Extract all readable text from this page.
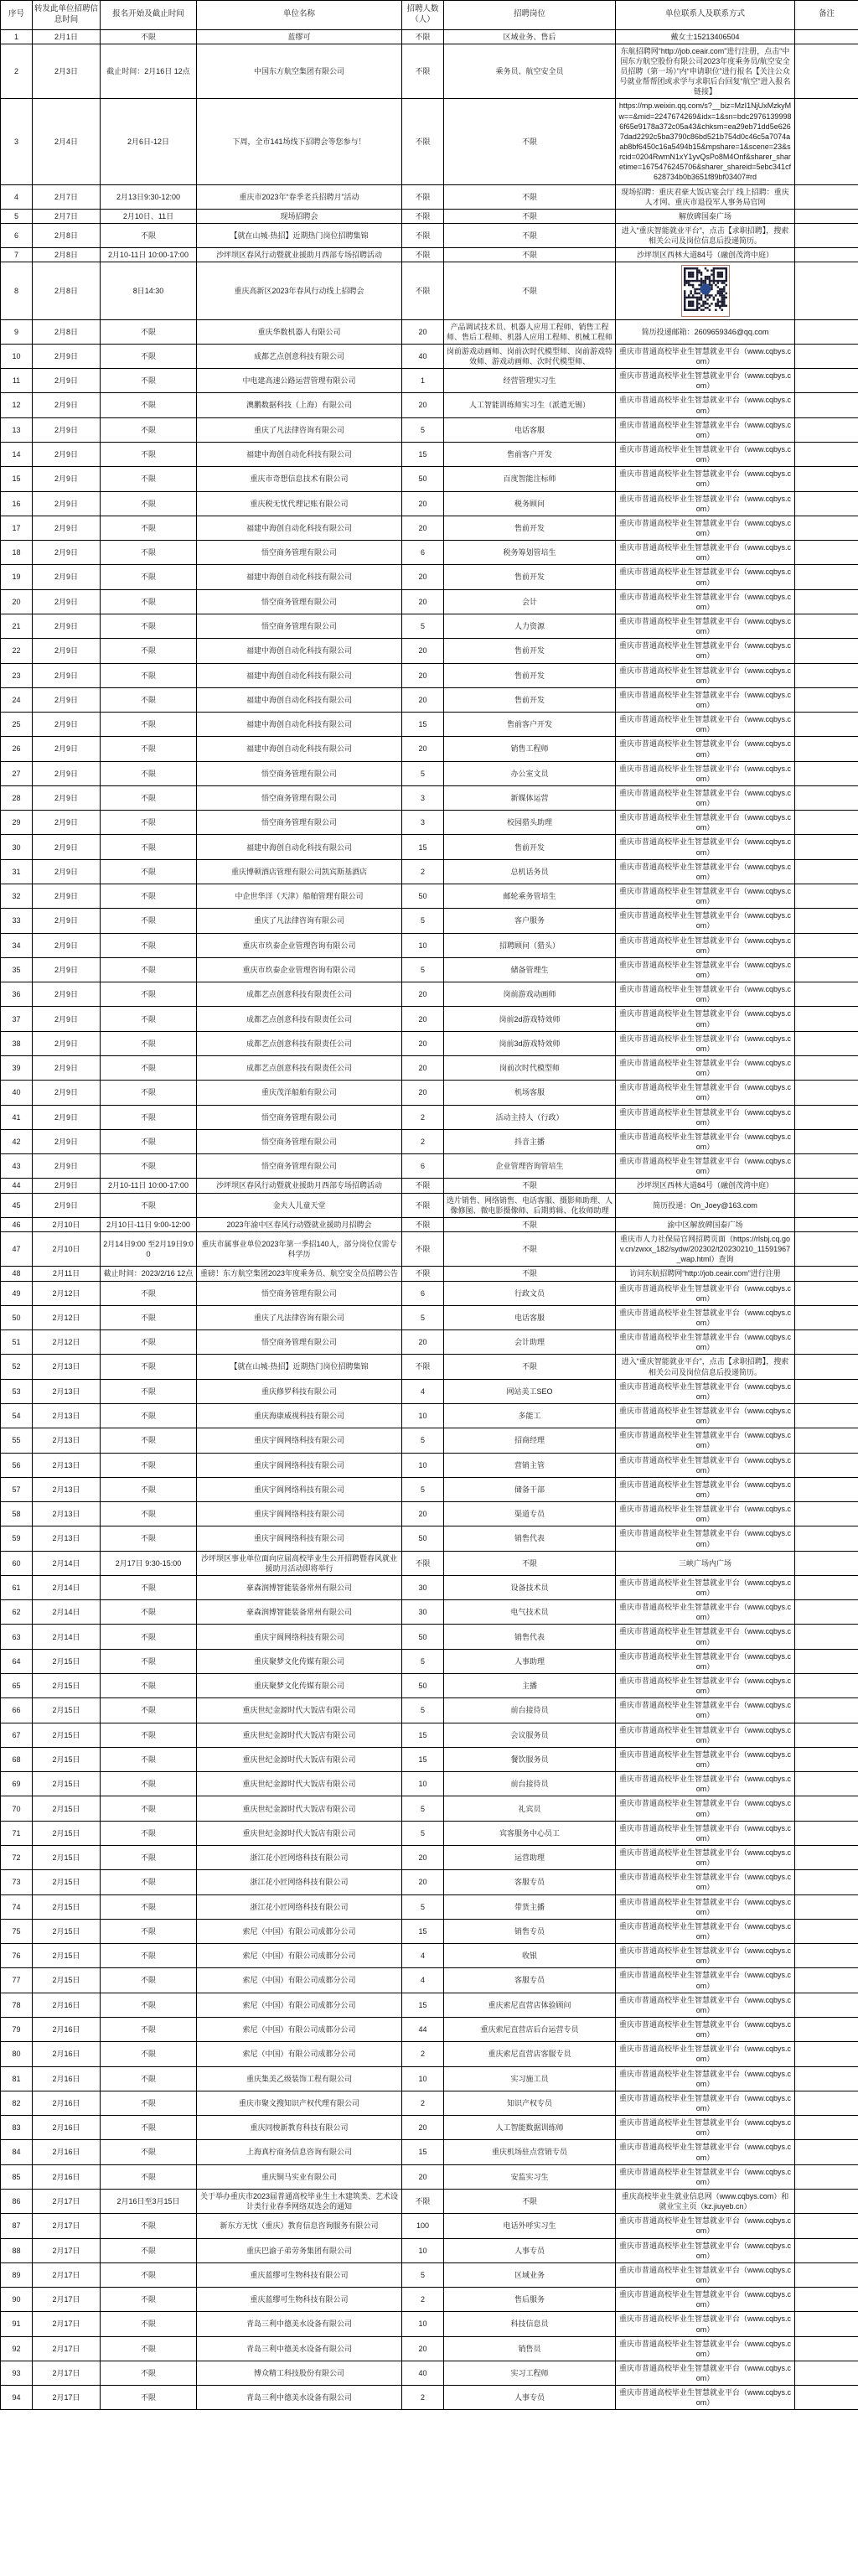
序号	转发此单位招聘信息时间	报名开始及截止时间	单位名称	招聘人数（人）	招聘岗位	单位联系人及联系方式	备注
1	2月1日	不限	蓝缪可	不限	区域业务、售后	戴女士15213406504	
2	2月3日	截止时间：2月16日 12点	中国东方航空集团有限公司	不限	乘务员、航空安全员	东航招聘网“http://job.ceair.com”进行注册，点击“中国东方航空股份有限公司2023年度乘务员/航空安全员招聘（第一场）”内“申请职位”进行报名【关注公众号就业帮帮团或求学与求职后台回复“航空”进入报名链接】	
3	2月4日	2月6日-12日	下周，全市141场线下招聘会等您参与！	不限	不限	https://mp.weixin.qq.com/s?__biz=MzI1NjUxMzkyMw==&mid=2247674269&idx=1&sn=bdc29761399986f65e9178a372c05a43&chksm=ea29eb71dd5e6267dad2292c5ba3790c86bd521b754d0c46c5a7074aab8bf6450c16a5494b15&mpshare=1&scene=23&srcid=0204RwmN1xY1yvQsPo8M4Onf&sharer_sharetime=1675476245706&sharer_shareid=5ebc341cf628734b0b3651f89bf03407#rd	
4	2月7日	2月13日9:30-12:00	重庆市2023年“春季老兵招聘月”活动	不限	不限	现场招聘：重庆君豪大饭店宴会厅 线上招聘：重庆人才网、重庆市退役军人事务局官网	
5	2月7日	2月10日、11日	现场招聘会	不限	不限	解放碑国泰广场	
6	2月8日	不限	【就在山城·热招】近期热门岗位招聘集锦	不限	不限	进入“重庆智能就业平台”，点击【求职招聘】，搜索相关公司及岗位信息后投递简历。	
7	2月8日	2月10-11日 10:00-17:00	沙坪坝区春风行动暨就业援助月西部专场招聘活动	不限	不限	沙坪坝区西林大道84号（融创茂湾中庭）	
8	2月8日	8日14:30	重庆高新区2023年春风行动线上招聘会	不限	不限		
9	2月8日	不限	重庆华数机器人有限公司	20	产品调试技术员、机器人应用工程师、销售工程师、售后工程师、机器人应用工程师、机械工程师	简历投递邮箱：2609659346@qq.com	
10	2月9日	不限	成都艺点创意科技有限公司	40	岗前游戏动画师、岗前次时代模型师、岗前游戏特效师、游戏动画师、次时代模型师、	重庆市普通高校毕业生智慧就业平台（www.cqbys.com）	
11	2月9日	不限	中电建高速公路运营管理有限公司	1	经营管理实习生	重庆市普通高校毕业生智慧就业平台（www.cqbys.com）	
12	2月9日	不限	澳鹏数据科技（上海）有限公司	20	人工智能训练师实习生（派遣无锡）	重庆市普通高校毕业生智慧就业平台（www.cqbys.com）	
13	2月9日	不限	重庆了凡法律咨询有限公司	5	电话客服	重庆市普通高校毕业生智慧就业平台（www.cqbys.com）	
14	2月9日	不限	福建中海创自动化科技有限公司	15	售前客户开发	重庆市普通高校毕业生智慧就业平台（www.cqbys.com）	
15	2月9日	不限	重庆市奇想信息技术有限公司	50	百度智能注标师	重庆市普通高校毕业生智慧就业平台（www.cqbys.com）	
16	2月9日	不限	重庆税无忧代理记账有限公司	20	税务顾问	重庆市普通高校毕业生智慧就业平台（www.cqbys.com）	
17	2月9日	不限	福建中海创自动化科技有限公司	20	售前开发	重庆市普通高校毕业生智慧就业平台（www.cqbys.com）	
18	2月9日	不限	悟空商务管理有限公司	6	税务筹划管培生	重庆市普通高校毕业生智慧就业平台（www.cqbys.com）	
19	2月9日	不限	福建中海创自动化科技有限公司	20	售前开发	重庆市普通高校毕业生智慧就业平台（www.cqbys.com）	
20	2月9日	不限	悟空商务管理有限公司	20	会计	重庆市普通高校毕业生智慧就业平台（www.cqbys.com）	
21	2月9日	不限	悟空商务管理有限公司	5	人力资源	重庆市普通高校毕业生智慧就业平台（www.cqbys.com）	
22	2月9日	不限	福建中海创自动化科技有限公司	20	售前开发	重庆市普通高校毕业生智慧就业平台（www.cqbys.com）	
23	2月9日	不限	福建中海创自动化科技有限公司	20	售前开发	重庆市普通高校毕业生智慧就业平台（www.cqbys.com）	
24	2月9日	不限	福建中海创自动化科技有限公司	20	售前开发	重庆市普通高校毕业生智慧就业平台（www.cqbys.com）	
25	2月9日	不限	福建中海创自动化科技有限公司	15	售前客户开发	重庆市普通高校毕业生智慧就业平台（www.cqbys.com）	
26	2月9日	不限	福建中海创自动化科技有限公司	20	销售工程师	重庆市普通高校毕业生智慧就业平台（www.cqbys.com）	
27	2月9日	不限	悟空商务管理有限公司	5	办公室文员	重庆市普通高校毕业生智慧就业平台（www.cqbys.com）	
28	2月9日	不限	悟空商务管理有限公司	3	新媒体运营	重庆市普通高校毕业生智慧就业平台（www.cqbys.com）	
29	2月9日	不限	悟空商务管理有限公司	3	校园猎头助理	重庆市普通高校毕业生智慧就业平台（www.cqbys.com）	
30	2月9日	不限	福建中海创自动化科技有限公司	15	售前开发	重庆市普通高校毕业生智慧就业平台（www.cqbys.com）	
31	2月9日	不限	重庆博顿酒店管理有限公司凯宾斯基酒店	2	总机话务员	重庆市普通高校毕业生智慧就业平台（www.cqbys.com）	
32	2月9日	不限	中企世华洋（天津）船舶管理有限公司	50	邮轮乘务管培生	重庆市普通高校毕业生智慧就业平台（www.cqbys.com）	
33	2月9日	不限	重庆了凡法律咨询有限公司	5	客户服务	重庆市普通高校毕业生智慧就业平台（www.cqbys.com）	
34	2月9日	不限	重庆市玖泰企业管理咨询有限公司	10	招聘顾问（猎头）	重庆市普通高校毕业生智慧就业平台（www.cqbys.com）	
35	2月9日	不限	重庆市玖泰企业管理咨询有限公司	5	储备管理生	重庆市普通高校毕业生智慧就业平台（www.cqbys.com）	
36	2月9日	不限	成都艺点创意科技有限责任公司	20	岗前游戏动画师	重庆市普通高校毕业生智慧就业平台（www.cqbys.com）	
37	2月9日	不限	成都艺点创意科技有限责任公司	20	岗前2d游戏特效师	重庆市普通高校毕业生智慧就业平台（www.cqbys.com）	
38	2月9日	不限	成都艺点创意科技有限责任公司	20	岗前3d游戏特效师	重庆市普通高校毕业生智慧就业平台（www.cqbys.com）	
39	2月9日	不限	成都艺点创意科技有限责任公司	20	岗前次时代模型师	重庆市普通高校毕业生智慧就业平台（www.cqbys.com）	
40	2月9日	不限	重庆茂洋船舶有限公司	20	机场客服	重庆市普通高校毕业生智慧就业平台（www.cqbys.com）	
41	2月9日	不限	悟空商务管理有限公司	2	活动主持人（行政）	重庆市普通高校毕业生智慧就业平台（www.cqbys.com）	
42	2月9日	不限	悟空商务管理有限公司	2	抖音主播	重庆市普通高校毕业生智慧就业平台（www.cqbys.com）	
43	2月9日	不限	悟空商务管理有限公司	6	企业管理咨询管培生	重庆市普通高校毕业生智慧就业平台（www.cqbys.com）	
44	2月9日	2月10-11日 10:00-17:00	沙坪坝区春风行动暨就业援助月西部专场招聘活动	不限	不限	沙坪坝区西林大道84号（融创茂湾中庭）	
45	2月9日	不限	金夫人儿童天堂	不限	选片销售、网络销售、电话客服、摄影师助理、人像修图、微电影摄像师、后期剪辑、化妆师助理	简历投递：On_Joey@163.com	
46	2月10日	2月10日-11日 9:00-12:00	2023年渝中区春风行动暨就业援助月招聘会	不限	不限	渝中区解放碑国泰广场	
47	2月10日	2月14日9:00 至2月19日9:00	重庆市属事业单位2023年第一季招140人，部分岗位仅需专科学历	不限	不限	重庆市人力社保局官网招聘页面（https://rlsbj.cq.gov.cn/zwxx_182/sydw/202302/t20230210_11591967_wap.html）查询	
48	2月11日	截止时间：2023/2/16 12点	重磅！东方航空集团2023年度乘务员、航空安全员招聘公告	不限	不限	访问东航招聘网“http://job.ceair.com”进行注册	
49	2月12日	不限	悟空商务管理有限公司	6	行政文员	重庆市普通高校毕业生智慧就业平台（www.cqbys.com）	
50	2月12日	不限	重庆了凡法律咨询有限公司	5	电话客服	重庆市普通高校毕业生智慧就业平台（www.cqbys.com）	
51	2月12日	不限	悟空商务管理有限公司	20	会计助理	重庆市普通高校毕业生智慧就业平台（www.cqbys.com）	
52	2月13日	不限	【就在山城·热招】近期热门岗位招聘集锦	不限	不限	进入“重庆智能就业平台”，点击【求职招聘】，搜索相关公司及岗位信息后投递简历。	
53	2月13日	不限	重庆修罗科技有限公司	4	网站美工SEO	重庆市普通高校毕业生智慧就业平台（www.cqbys.com）	
54	2月13日	不限	重庆海康威视科技有限公司	10	多能工	重庆市普通高校毕业生智慧就业平台（www.cqbys.com）	
55	2月13日	不限	重庆宇阆网络科技有限公司	5	招商经理	重庆市普通高校毕业生智慧就业平台（www.cqbys.com）	
56	2月13日	不限	重庆宇阆网络科技有限公司	10	营销主管	重庆市普通高校毕业生智慧就业平台（www.cqbys.com）	
57	2月13日	不限	重庆宇阆网络科技有限公司	5	储备干部	重庆市普通高校毕业生智慧就业平台（www.cqbys.com）	
58	2月13日	不限	重庆宇阆网络科技有限公司	20	渠道专员	重庆市普通高校毕业生智慧就业平台（www.cqbys.com）	
59	2月13日	不限	重庆宇阆网络科技有限公司	50	销售代表	重庆市普通高校毕业生智慧就业平台（www.cqbys.com）	
60	2月14日	2月17日 9:30-15:00	沙坪坝区事业单位面向应届高校毕业生公开招聘暨春风就业援助月活动即将举行	不限	不限	三峡广场内广场	
61	2月14日	不限	豪森润博智能装备常州有限公司	30	设备技术员	重庆市普通高校毕业生智慧就业平台（www.cqbys.com）	
62	2月14日	不限	豪森润博智能装备常州有限公司	30	电气技术员	重庆市普通高校毕业生智慧就业平台（www.cqbys.com）	
63	2月14日	不限	重庆宇阆网络科技有限公司	50	销售代表	重庆市普通高校毕业生智慧就业平台（www.cqbys.com）	
64	2月15日	不限	重庆聚梦文化传媒有限公司	5	人事助理	重庆市普通高校毕业生智慧就业平台（www.cqbys.com）	
65	2月15日	不限	重庆聚梦文化传媒有限公司	50	主播	重庆市普通高校毕业生智慧就业平台（www.cqbys.com）	
66	2月15日	不限	重庆世纪金源时代大饭店有限公司	5	前台接待员	重庆市普通高校毕业生智慧就业平台（www.cqbys.com）	
67	2月15日	不限	重庆世纪金源时代大饭店有限公司	15	会议服务员	重庆市普通高校毕业生智慧就业平台（www.cqbys.com）	
68	2月15日	不限	重庆世纪金源时代大饭店有限公司	15	餐饮服务员	重庆市普通高校毕业生智慧就业平台（www.cqbys.com）	
69	2月15日	不限	重庆世纪金源时代大饭店有限公司	10	前台接待员	重庆市普通高校毕业生智慧就业平台（www.cqbys.com）	
70	2月15日	不限	重庆世纪金源时代大饭店有限公司	5	礼宾员	重庆市普通高校毕业生智慧就业平台（www.cqbys.com）	
71	2月15日	不限	重庆世纪金源时代大饭店有限公司	5	宾客服务中心员工	重庆市普通高校毕业生智慧就业平台（www.cqbys.com）	
72	2月15日	不限	浙江花小匠网络科技有限公司	20	运营助理	重庆市普通高校毕业生智慧就业平台（www.cqbys.com）	
73	2月15日	不限	浙江花小匠网络科技有限公司	20	客服专员	重庆市普通高校毕业生智慧就业平台（www.cqbys.com）	
74	2月15日	不限	浙江花小匠网络科技有限公司	5	带货主播	重庆市普通高校毕业生智慧就业平台（www.cqbys.com）	
75	2月15日	不限	索尼（中国）有限公司成都分公司	15	销售专员	重庆市普通高校毕业生智慧就业平台（www.cqbys.com）	
76	2月15日	不限	索尼（中国）有限公司成都分公司	4	收银	重庆市普通高校毕业生智慧就业平台（www.cqbys.com）	
77	2月15日	不限	索尼（中国）有限公司成都分公司	4	客服专员	重庆市普通高校毕业生智慧就业平台（www.cqbys.com）	
78	2月16日	不限	索尼（中国）有限公司成都分公司	15	重庆索尼直营店体验顾问	重庆市普通高校毕业生智慧就业平台（www.cqbys.com）	
79	2月16日	不限	索尼（中国）有限公司成都分公司	44	重庆索尼直营店后台运营专员	重庆市普通高校毕业生智慧就业平台（www.cqbys.com）	
80	2月16日	不限	索尼（中国）有限公司成都分公司	2	重庆索尼直营店客服专员	重庆市普通高校毕业生智慧就业平台（www.cqbys.com）	
81	2月16日	不限	重庆集美乙级装饰工程有限公司	10	实习施工员	重庆市普通高校毕业生智慧就业平台（www.cqbys.com）	
82	2月16日	不限	重庆市聚文搜知识产权代理有限公司	2	知识产权专员	重庆市普通高校毕业生智慧就业平台（www.cqbys.com）	
83	2月16日	不限	重庆同梭新教育科技有限公司	20	人工智能数据训练师	重庆市普通高校毕业生智慧就业平台（www.cqbys.com）	
84	2月16日	不限	上海真柠商务信息咨询有限公司	15	重庆机场驻点营销专员	重庆市普通高校毕业生智慧就业平台（www.cqbys.com）	
85	2月16日	不限	重庆铜马实业有限公司	20	安监实习生	重庆市普通高校毕业生智慧就业平台（www.cqbys.com）	
86	2月17日	2月16日至3月15日	关于举办重庆市2023届普通高校毕业生土木建筑类、艺术设计类行业春季网络双选会的通知	不限	不限	重庆高校毕业生就业信息网（www.cqbys.com）和就业宝主页（kz.jiuyeb.cn）	
87	2月17日	不限	新东方无忧（重庆）教育信息咨询服务有限公司	100	电话外呼实习生	重庆市普通高校毕业生智慧就业平台（www.cqbys.com）	
88	2月17日	不限	重庆巴渝子弟劳务集团有限公司	10	人事专员	重庆市普通高校毕业生智慧就业平台（www.cqbys.com）	
89	2月17日	不限	重庆蓝缪可生物科技有限公司	5	区域业务	重庆市普通高校毕业生智慧就业平台（www.cqbys.com）	
90	2月17日	不限	重庆蓝缪可生物科技有限公司	2	售后服务	重庆市普通高校毕业生智慧就业平台（www.cqbys.com）	
91	2月17日	不限	青岛三利中德美水设备有限公司	10	科技信息员	重庆市普通高校毕业生智慧就业平台（www.cqbys.com）	
92	2月17日	不限	青岛三利中德美水设备有限公司	20	销售员	重庆市普通高校毕业生智慧就业平台（www.cqbys.com）	
93	2月17日	不限	博众精工科技股份有限公司	40	实习工程师	重庆市普通高校毕业生智慧就业平台（www.cqbys.com）	
94	2月17日	不限	青岛三利中德美水设备有限公司	2	人事专员	重庆市普通高校毕业生智慧就业平台（www.cqbys.com）	
